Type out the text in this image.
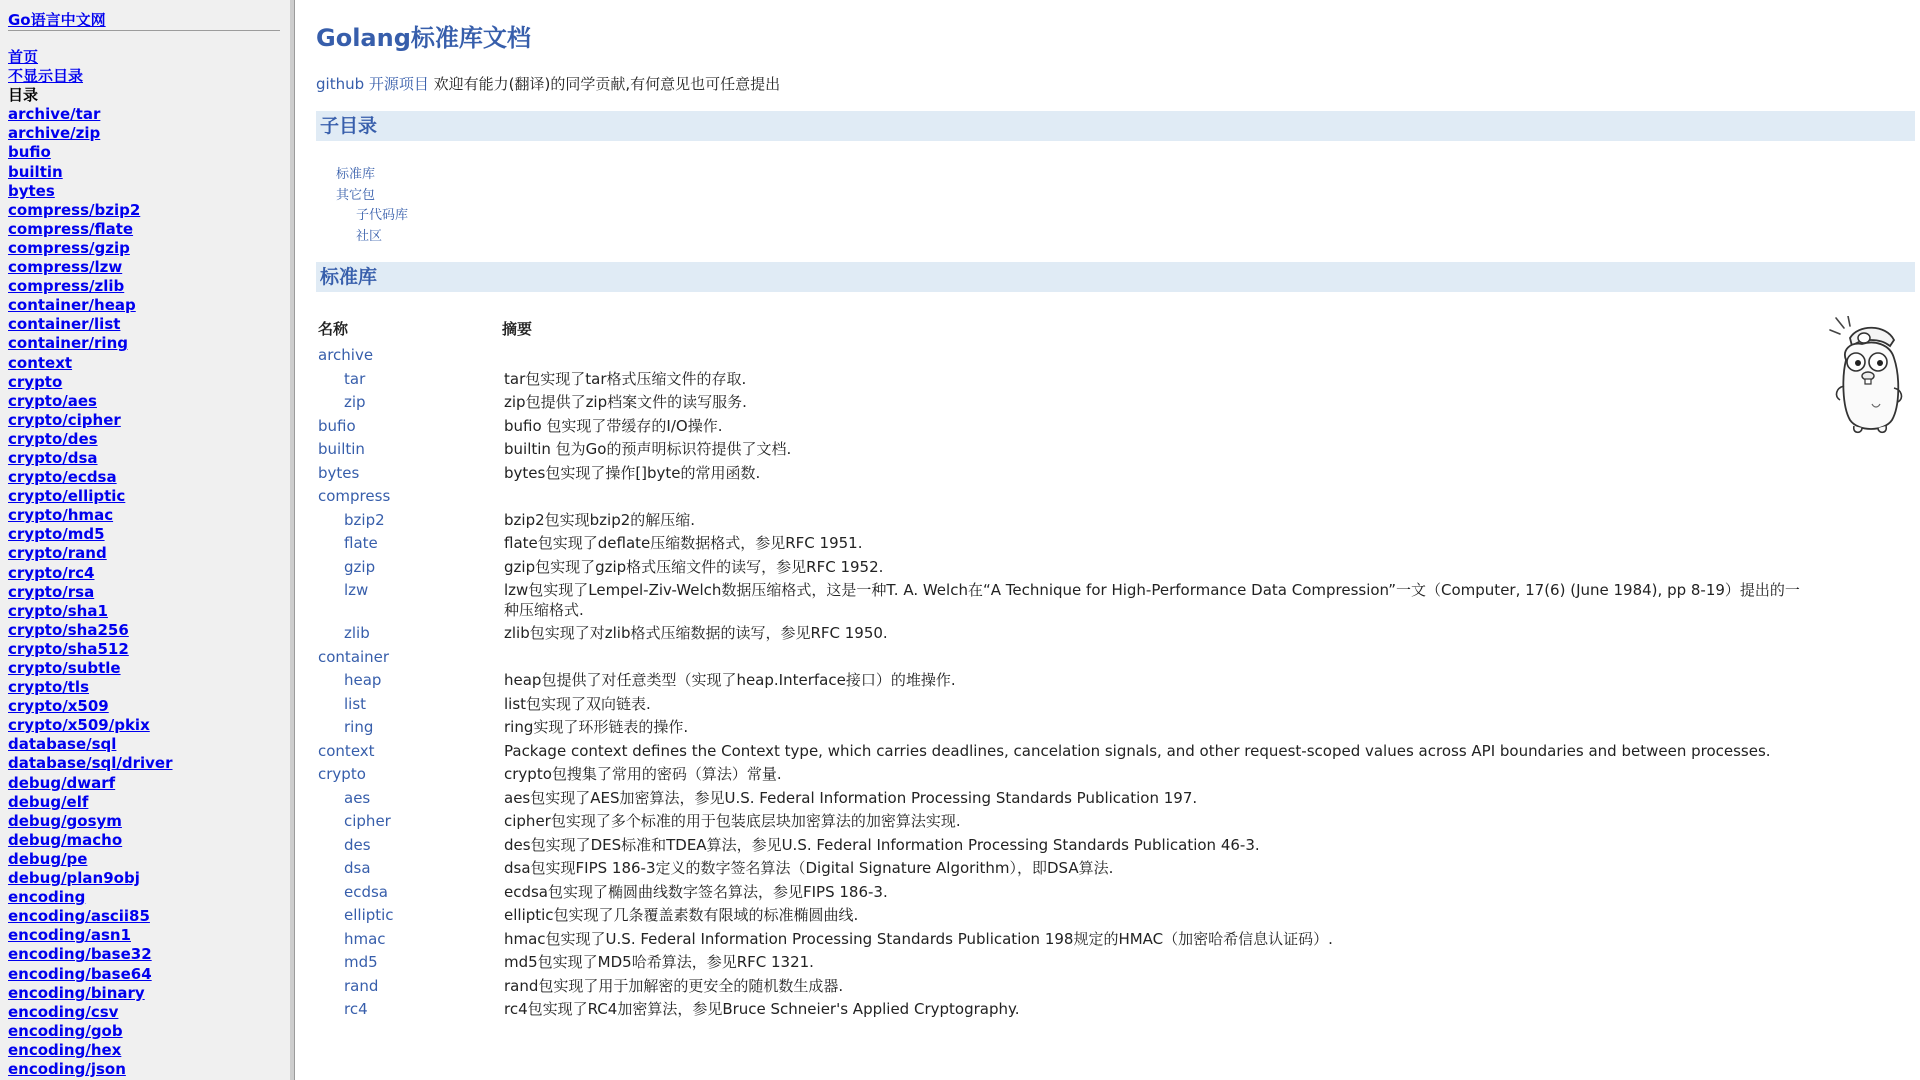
Go语言中文网
首页
不显示目录
目录
archive/tar
archive/zip
bufio
builtin
bytes
compress/bzip2
compress/flate
compress/gzip
compress/lzw
compress/zlib
container/heap
container/list
container/ring
context
crypto
crypto/aes
crypto/cipher
crypto/des
crypto/dsa
crypto/ecdsa
crypto/elliptic
crypto/hmac
crypto/md5
crypto/rand
crypto/rc4
crypto/rsa
crypto/sha1
crypto/sha256
crypto/sha512
crypto/subtle
crypto/tls
crypto/x509
crypto/x509/pkix
database/sql
database/sql/driver
debug/dwarf
debug/elf
debug/gosym
debug/macho
debug/pe
debug/plan9obj
encoding
encoding/ascii85
encoding/asn1
encoding/base32
encoding/base64
encoding/binary
encoding/csv
encoding/gob
encoding/hex
encoding/json
Golang标准库文档
github 开源项目 欢迎有能力(翻译)的同学贡献,有何意见也可任意提出
子目录
标准库
其它包
子代码库
社区
标准库
名称	摘要
archive	
tar	tar包实现了tar格式压缩文件的存取.
zip	zip包提供了zip档案文件的读写服务.
bufio	bufio 包实现了带缓存的I/O操作.
builtin	builtin 包为Go的预声明标识符提供了文档.
bytes	bytes包实现了操作[]byte的常用函数.
compress	
bzip2	bzip2包实现bzip2的解压缩.
flate	flate包实现了deflate压缩数据格式，参见RFC 1951.
gzip	gzip包实现了gzip格式压缩文件的读写，参见RFC 1952.
lzw	lzw包实现了Lempel-Ziv-Welch数据压缩格式，这是一种T. A. Welch在“A Technique for High-Performance Data Compression”一文（Computer, 17(6) (June 1984), pp 8-19）提出的一种压缩格式.
zlib	zlib包实现了对zlib格式压缩数据的读写，参见RFC 1950.
container	
heap	heap包提供了对任意类型（实现了heap.Interface接口）的堆操作.
list	list包实现了双向链表.
ring	ring实现了环形链表的操作.
context	Package context defines the Context type, which carries deadlines, cancelation signals, and other request-scoped values across API boundaries and between processes.
crypto	crypto包搜集了常用的密码（算法）常量.
aes	aes包实现了AES加密算法，参见U.S. Federal Information Processing Standards Publication 197.
cipher	cipher包实现了多个标准的用于包装底层块加密算法的加密算法实现.
des	des包实现了DES标准和TDEA算法，参见U.S. Federal Information Processing Standards Publication 46-3.
dsa	dsa包实现FIPS 186-3定义的数字签名算法（Digital Signature Algorithm），即DSA算法.
ecdsa	ecdsa包实现了椭圆曲线数字签名算法，参见FIPS 186-3.
elliptic	elliptic包实现了几条覆盖素数有限域的标准椭圆曲线.
hmac	hmac包实现了U.S. Federal Information Processing Standards Publication 198规定的HMAC（加密哈希信息认证码）.
md5	md5包实现了MD5哈希算法，参见RFC 1321.
rand	rand包实现了用于加解密的更安全的随机数生成器.
rc4	rc4包实现了RC4加密算法，参见Bruce Schneier's Applied Cryptography.
